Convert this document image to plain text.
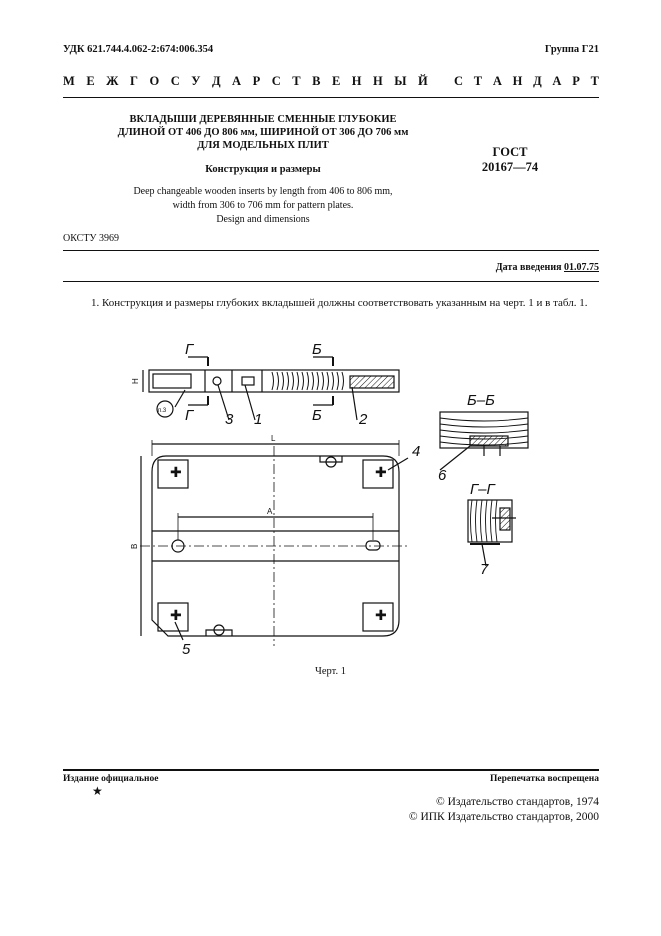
УДК 621.744.4.062-2:674:006.354	Группа Г21
М Е Ж Г О С У Д А Р С Т В Е Н Н Ы Й С Т А Н Д А Р Т
ВКЛАДЫШИ ДЕРЕВЯННЫЕ СМЕННЫЕ ГЛУБОКИЕ
ДЛИНОЙ ОТ 406 ДО 806 мм, ШИРИНОЙ ОТ 306 ДО 706 мм
ДЛЯ МОДЕЛЬНЫХ ПЛИТ	ГОСТ
20167—74
Конструкция и размеры
Deep changeable wooden inserts by length from 406 to 806 mm,
width from 306 to 706 mm for pattern plates.
Design and dimensions
ОКСТУ 3969
Дата введения 01.07.75
1. Конструкция и размеры глубоких вкладышей должны соответствовать указанным на черт. 1 и в табл. 1.
✚	✚
✚	✚
Г
Г
Б
Б
1	2
3
4
5
6
7
Б–Б
Г–Г
H
L
B
A
п.3
Черт. 1
Издание официальное
★
Перепечатка воспрещена
© Издательство стандартов, 1974
© ИПК Издательство стандартов, 2000
